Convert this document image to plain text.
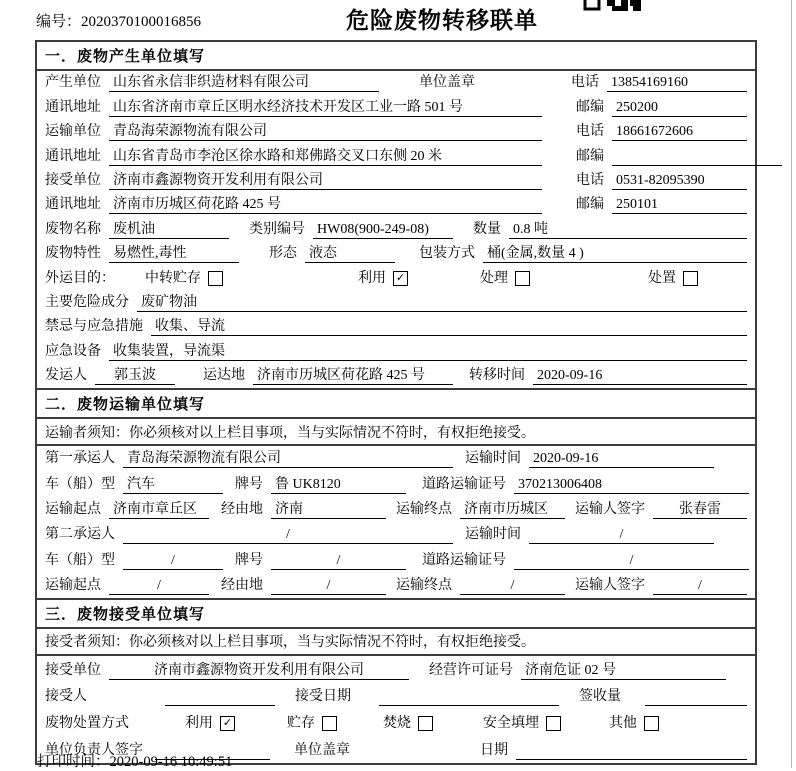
编号：2020370100016856	危险废物转移联单
一．废物产生单位填写
产生单位 山东省永信非织造材料有限公司	单位盖章	电话 13854169160
通讯地址 山东省济南市章丘区明水经济技术开发区工业一路 501 号	邮编 250200
运输单位 青岛海荣源物流有限公司	电话 18661672606
通讯地址 山东省青岛市李沧区徐水路和郑佛路交叉口东侧 20 米	邮编
接受单位 济南市鑫源物资开发利用有限公司	电话 0531-82095390
通讯地址 济南市历城区荷花路 425 号	邮编 250101
废物名称 废机油	类别编号 HW08(900-249-08)	数量 0.8 吨
废物特性 易燃性,毒性	形态 液态	包装方式 桶(金属,数量 4 )
外运目的： 中转贮存	利用 ✓	处理	处置
主要危险成分 废矿物油
禁忌与应急措施 收集、导流
应急设备 收集装置，导流渠
发运人	郭玉波	运达地 济南市历城区荷花路 425 号	转移时间 2020-09-16
二．废物运输单位填写
运输者须知：你必须核对以上栏目事项，当与实际情况不符时，有权拒绝接受。
第一承运人 青岛海荣源物流有限公司	运输时间 2020-09-16
车（船）型 汽车	牌号 鲁 UK8120	道路运输证号 370213006408
运输起点 济南市章丘区	经由地 济南	运输终点 济南市历城区	运输人签字	张春雷
第二承运人	/	运输时间	/
车（船）型	/	牌号	/	道路运输证号	/
运输起点	/	经由地	/	运输终点	/	运输人签字	/
三．废物接受单位填写
接受者须知：你必须核对以上栏目事项，当与实际情况不符时，有权拒绝接受。
接受单位	济南市鑫源物资开发利用有限公司	经营许可证号 济南危证 02 号
接受人	接受日期	签收量
废物处置方式	利用 ✓	贮存	焚烧	安全填埋	其他
单位负责人签字	单位盖章	日期
打印时间：2020-09-16 10:49:51
